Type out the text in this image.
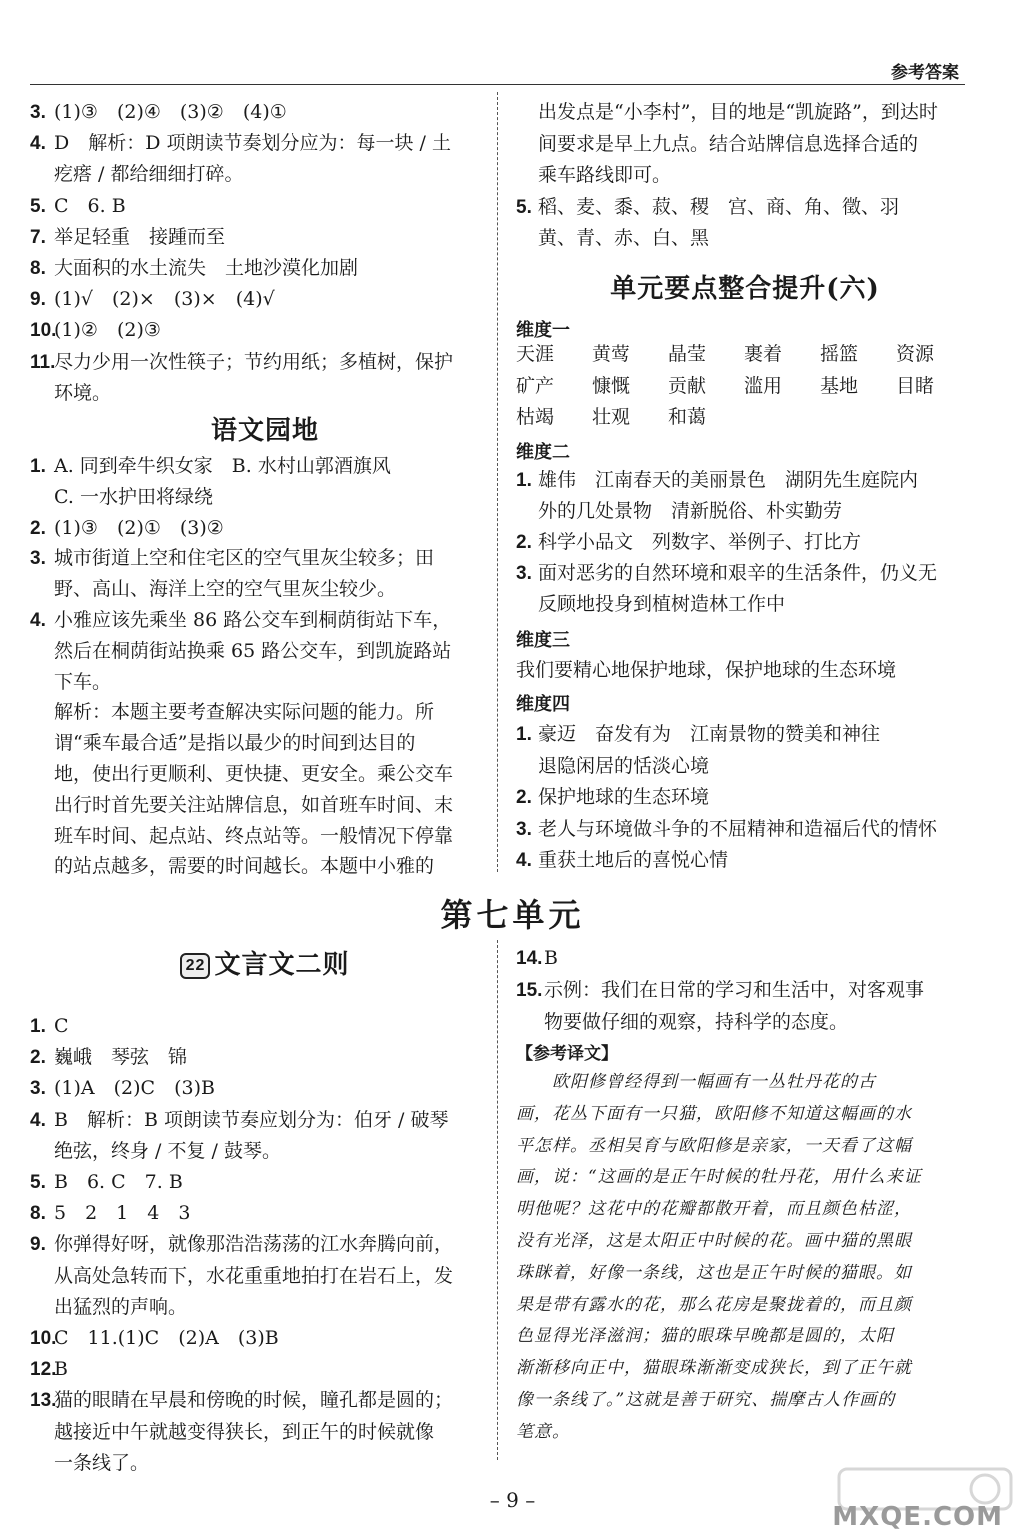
参考答案
3. (1)③　(2)④　(3)②　(4)①
4. D　解析：D 项朗读节奏划分应为：每一块 / 土
疙瘩 / 都给细细打碎。
5. C　6. B
7. 举足轻重　接踵而至
8. 大面积的水土流失　土地沙漠化加剧
9. (1)√　(2)×　(3)×　(4)√
10.(1)②　(2)③
11.尽力少用一次性筷子；节约用纸；多植树，保护
环境。
语文园地
1. A. 同到牵牛织女家　B. 水村山郭酒旗风
C. 一水护田将绿绕
2. (1)③　(2)①　(3)②
3. 城市街道上空和住宅区的空气里灰尘较多；田
野、高山、海洋上空的空气里灰尘较少。
4. 小雅应该先乘坐 86 路公交车到桐荫街站下车，
然后在桐荫街站换乘 65 路公交车，到凯旋路站
下车。
解析：本题主要考查解决实际问题的能力。所
谓“乘车最合适”是指以最少的时间到达目的
地，使出行更顺利、更快捷、更安全。乘公交车
出行时首先要关注站牌信息，如首班车时间、末
班车时间、起点站、终点站等。一般情况下停靠
的站点越多，需要的时间越长。本题中小雅的
出发点是“小李村”，目的地是“凯旋路”，到达时
间要求是早上九点。结合站牌信息选择合适的
乘车路线即可。
5. 稻、麦、黍、菽、稷　宫、商、角、徵、羽
黄、青、赤、白、黑
单元要点整合提升(六)
维度一
天涯　　黄莺　　晶莹　　裹着　　摇篮　　资源
矿产　　慷慨　　贡献　　滥用　　基地　　目睹
枯竭　　壮观　　和蔼
维度二
1. 雄伟　江南春天的美丽景色　湖阴先生庭院内
外的几处景物　清新脱俗、朴实勤劳
2. 科学小品文　列数字、举例子、打比方
3. 面对恶劣的自然环境和艰辛的生活条件，仍义无
反顾地投身到植树造林工作中
维度三
我们要精心地保护地球，保护地球的生态环境
维度四
1. 豪迈　奋发有为　江南景物的赞美和神往
退隐闲居的恬淡心境
2. 保护地球的生态环境
3. 老人与环境做斗争的不屈精神和造福后代的情怀
4. 重获土地后的喜悦心情
第七单元
22 文言文二则
1. C
2. 巍峨　琴弦　锦
3. (1)A　(2)C　(3)B
4. B　解析：B 项朗读节奏应划分为：伯牙 / 破琴
绝弦，终身 / 不复 / 鼓琴。
5. B　6. C　7. B
8. 5　2　1　4　3
9. 你弹得好呀，就像那浩浩荡荡的江水奔腾向前，
从高处急转而下，水花重重地拍打在岩石上，发
出猛烈的声响。
10.C　11.(1)C　(2)A　(3)B
12.B
13.猫的眼睛在早晨和傍晚的时候，瞳孔都是圆的；
越接近中午就越变得狭长，到正午的时候就像
一条线了。
14.B
15.示例：我们在日常的学习和生活中，对客观事
物要做仔细的观察，持科学的态度。
【参考译文】
　　欧阳修曾经得到一幅画有一丛牡丹花的古
画，花丛下面有一只猫，欧阳修不知道这幅画的水
平怎样。丞相吴育与欧阳修是亲家，一天看了这幅
画，说：“这画的是正午时候的牡丹花，用什么来证
明他呢？这花中的花瓣都散开着，而且颜色枯涩，
没有光泽，这是太阳正中时候的花。画中猫的黑眼
珠眯着，好像一条线，这也是正午时候的猫眼。如
果是带有露水的花，那么花房是聚拢着的，而且颜
色显得光泽滋润；猫的眼珠早晚都是圆的，太阳
渐渐移向正中，猫眼珠渐渐变成狭长，到了正午就
像一条线了。”这就是善于研究、揣摩古人作画的
笔意。
– 9 –
MXQE.COM
